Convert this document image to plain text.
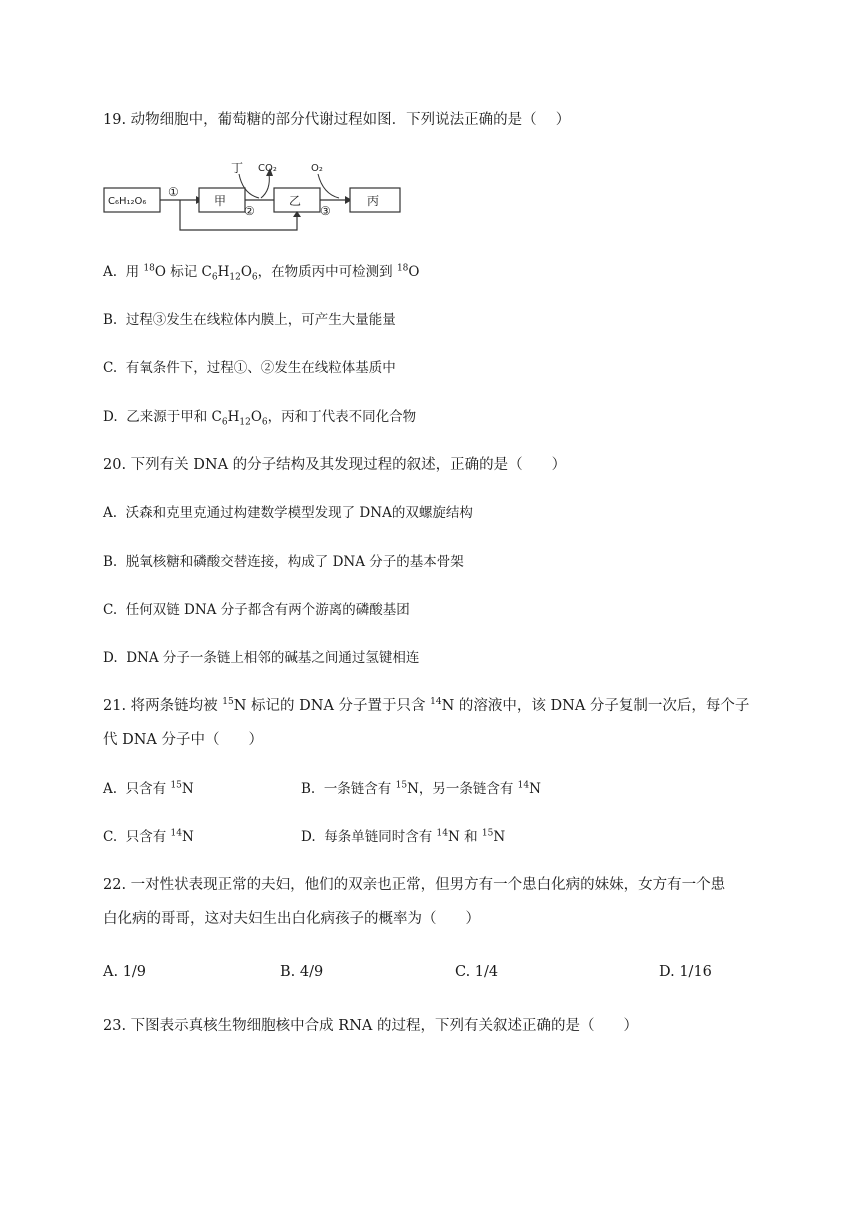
19. 动物细胞中，葡萄糖的部分代谢过程如图．下列说法正确的是（　 ）
C₆H₁₂O₆
①
甲
②
丁 CO₂
乙
③
O₂
丙
A. 用 $^{18}$O 标记 $C_6H_{12}O_6$，在物质丙中可检测到 $^{18}$O
B. 过程③发生在线粒体内膜上，可产生大量能量
C. 有氧条件下，过程①、②发生在线粒体基质中
D. 乙来源于甲和 $C_6H_{12}O_6$，丙和丁代表不同化合物
20. 下列有关 DNA 的分子结构及其发现过程的叙述，正确的是（　　）
A. 沃森和克里克通过构建数学模型发现了 DNA的双螺旋结构
B. 脱氧核糖和磷酸交替连接，构成了 DNA 分子的基本骨架
C. 任何双链 DNA 分子都含有两个游离的磷酸基团
D. DNA 分子一条链上相邻的碱基之间通过氢键相连
21. 将两条链均被 $^{15}$N 标记的 DNA 分子置于只含 $^{14}$N 的溶液中，该 DNA 分子复制一次后，每个子
代 DNA 分子中（　　）
A. 只含有 $^{15}$N	B. 一条链含有 $^{15}$N，另一条链含有 $^{14}$N
C. 只含有 $^{14}$N	D. 每条单链同时含有 $^{14}$N 和 $^{15}$N
22. 一对性状表现正常的夫妇，他们的双亲也正常，但男方有一个患白化病的妹妹，女方有一个患
白化病的哥哥，这对夫妇生出白化病孩子的概率为（　　）
A. 1/9	B. 4/9	C. 1/4	D. 1/16
23. 下图表示真核生物细胞核中合成 RNA 的过程，下列有关叙述正确的是（　　）
